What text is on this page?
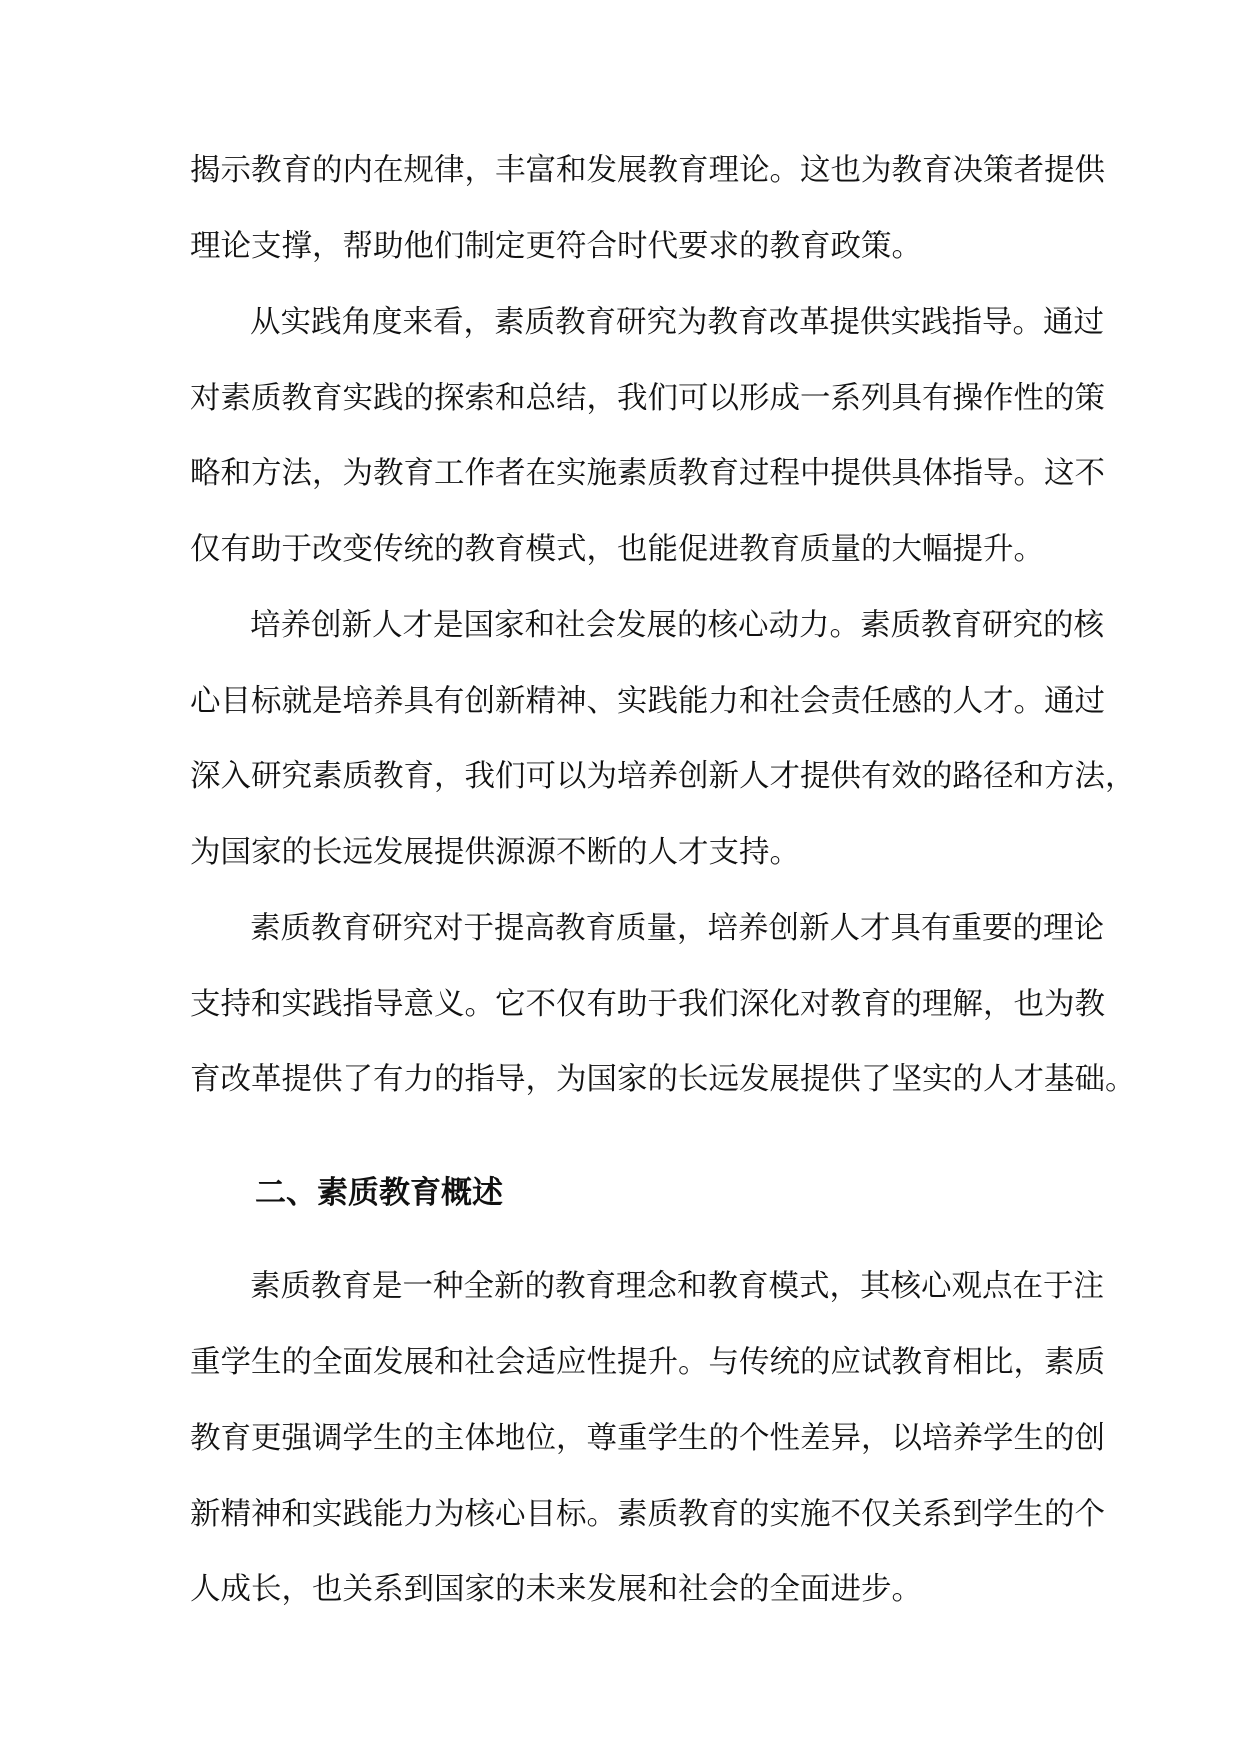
揭示教育的内在规律，丰富和发展教育理论。这也为教育决策者提供
理论支撑，帮助他们制定更符合时代要求的教育政策。
从实践角度来看，素质教育研究为教育改革提供实践指导。通过
对素质教育实践的探索和总结，我们可以形成一系列具有操作性的策
略和方法，为教育工作者在实施素质教育过程中提供具体指导。这不
仅有助于改变传统的教育模式，也能促进教育质量的大幅提升。
培养创新人才是国家和社会发展的核心动力。素质教育研究的核
心目标就是培养具有创新精神、实践能力和社会责任感的人才。通过
深入研究素质教育，我们可以为培养创新人才提供有效的路径和方法，
为国家的长远发展提供源源不断的人才支持。
素质教育研究对于提高教育质量，培养创新人才具有重要的理论
支持和实践指导意义。它不仅有助于我们深化对教育的理解，也为教
育改革提供了有力的指导，为国家的长远发展提供了坚实的人才基础。
二、素质教育概述
素质教育是一种全新的教育理念和教育模式，其核心观点在于注
重学生的全面发展和社会适应性提升。与传统的应试教育相比，素质
教育更强调学生的主体地位，尊重学生的个性差异，以培养学生的创
新精神和实践能力为核心目标。素质教育的实施不仅关系到学生的个
人成长，也关系到国家的未来发展和社会的全面进步。
